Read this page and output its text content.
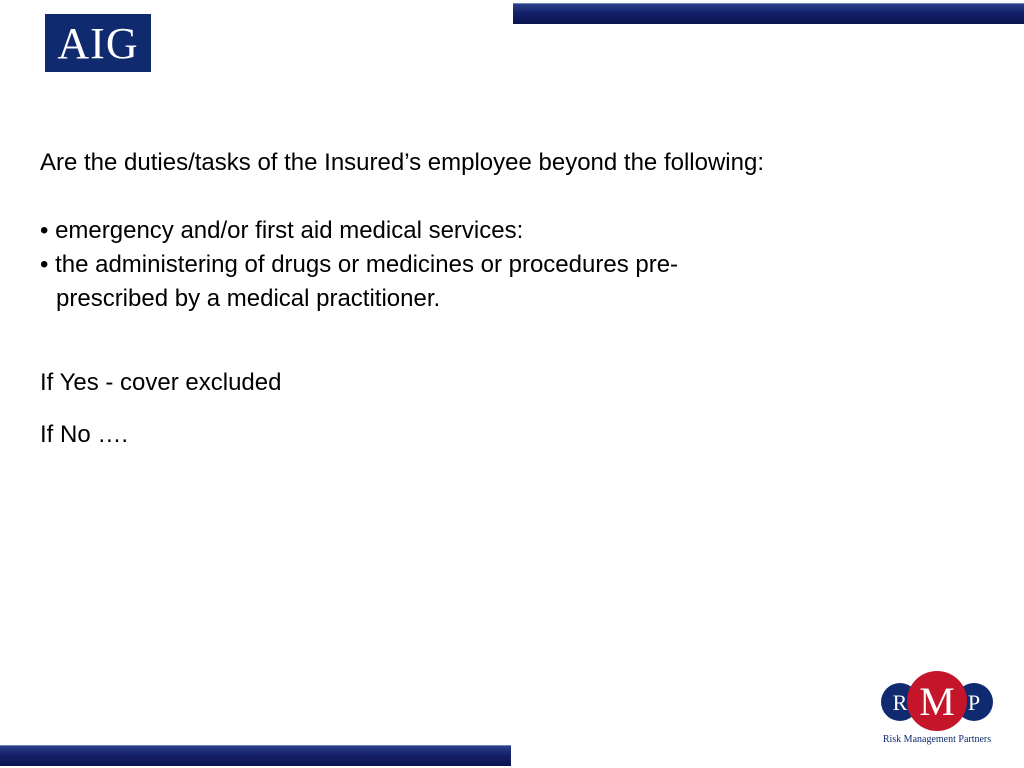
AIG

Are the duties/tasks of the Insured’s employee beyond the following:

• emergency and/or first aid medical services:
• the administering of drugs or medicines or procedures pre-
prescribed by a medical practitioner.
If Yes - cover excluded
If No ….
R M P
Risk Management Partners
